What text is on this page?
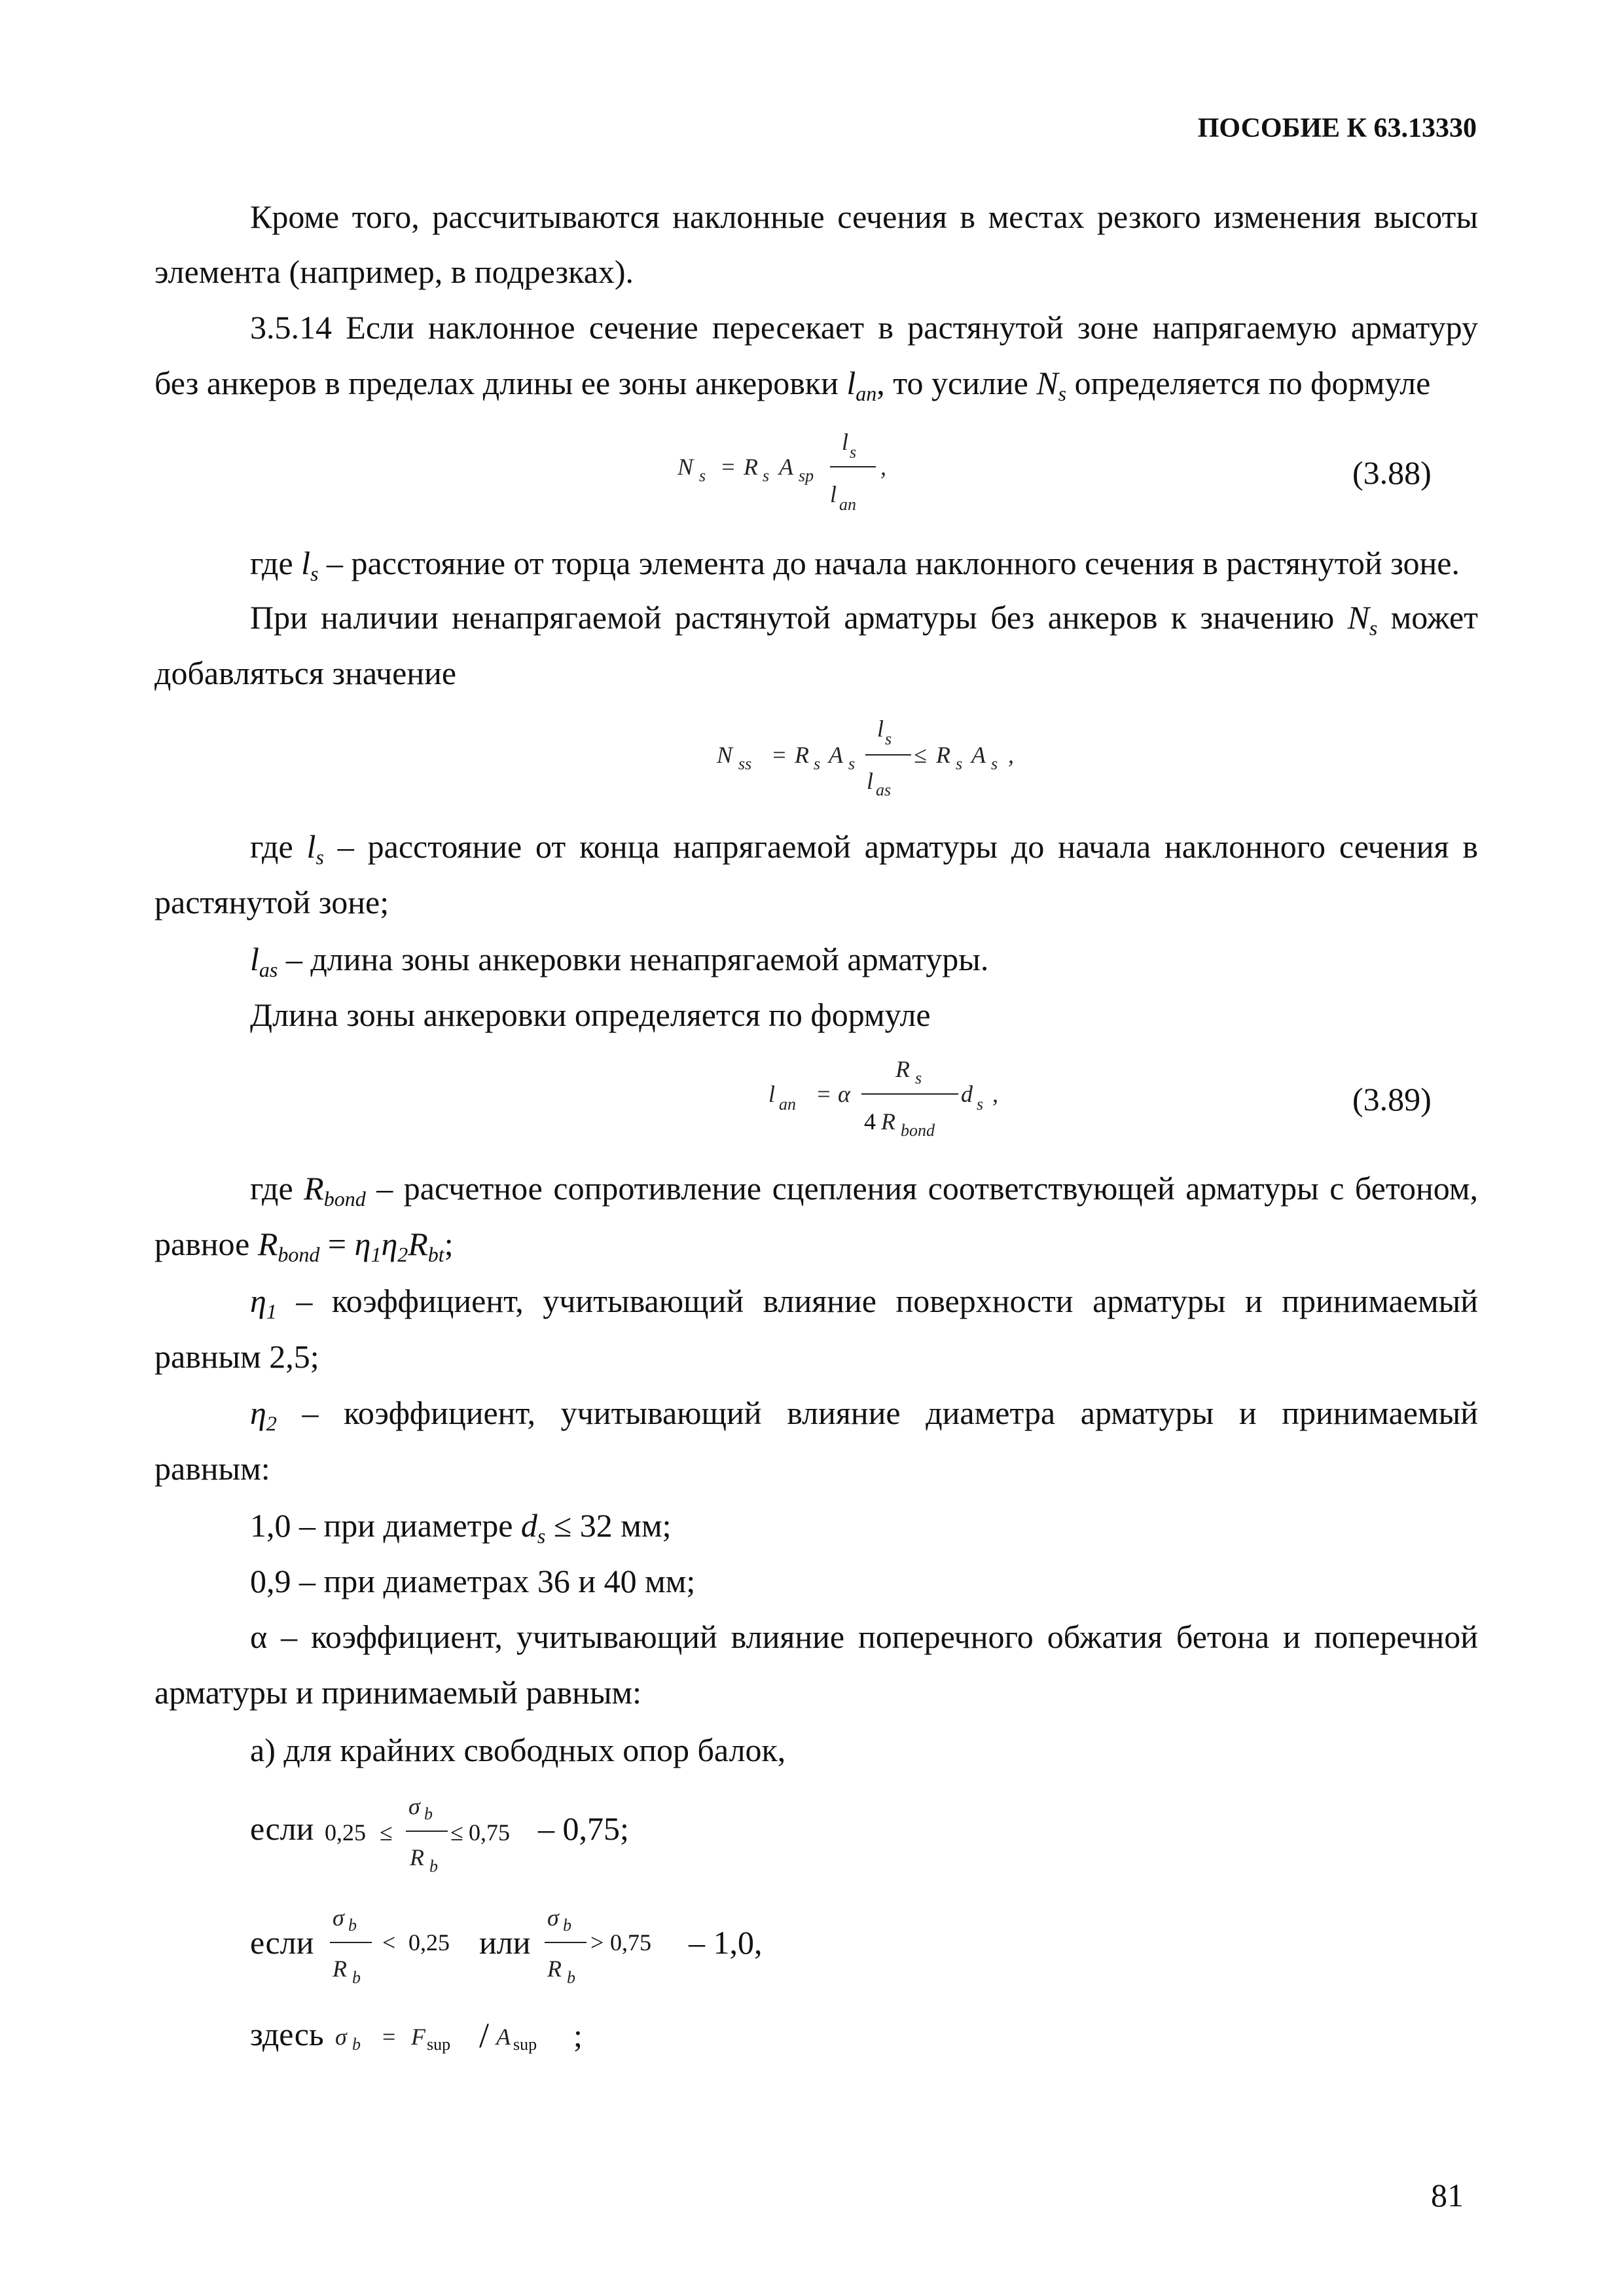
ПОСОБИЕ К 63.13330
Кроме того, рассчитываются наклонные сечения в местах резкого изменения высоты
элемента (например, в подрезках).
3.5.14 Если наклонное сечение пересекает в растянутой зоне напрягаемую арматуру
без анкеров в пределах длины ее зоны анкеровки $l_{an}$, то усилие $N_s$ определяется по формуле
N s = R s A sp
l s
l an
,	(3.88)
где $l_s$ – расстояние от торца элемента до начала наклонного сечения в растянутой зоне.
При наличии ненапрягаемой растянутой арматуры без анкеров к значению $N_s$ может
добавляться значение
N ss = R s A s
l s
l as
≤ R s A s ,
где $l_s$ – расстояние от конца напрягаемой арматуры до начала наклонного сечения в
растянутой зоне;
$l_{as}$ – длина зоны анкеровки ненапрягаемой арматуры.
Длина зоны анкеровки определяется по формуле
l an = α
R s
4 R bond
d s ,	(3.89)
где $R_{bond}$ – расчетное сопротивление сцепления соответствующей арматуры с бетоном,
равное $R_{bond} = \eta_1\eta_2R_{bt}$;
$\eta_1$ – коэффициент, учитывающий влияние поверхности арматуры и принимаемый
равным 2,5;
$\eta_2$ – коэффициент, учитывающий влияние диаметра арматуры и принимаемый
равным:
1,0 – при диаметре $d_s \le 32$ мм;
0,9 – при диаметрах 36 и 40 мм;
α – коэффициент, учитывающий влияние поперечного обжатия бетона и поперечной
арматуры и принимаемый равным:
а) для крайних свободных опор балок,
если 0,25 ≤
σ b
R b
≤ 0,75 – 0,75;
если
σ b
R b
< 0,25 или
σ b
R b
> 0,75 – 1,0,
здесь σ b = F sup / A sup ;
81
